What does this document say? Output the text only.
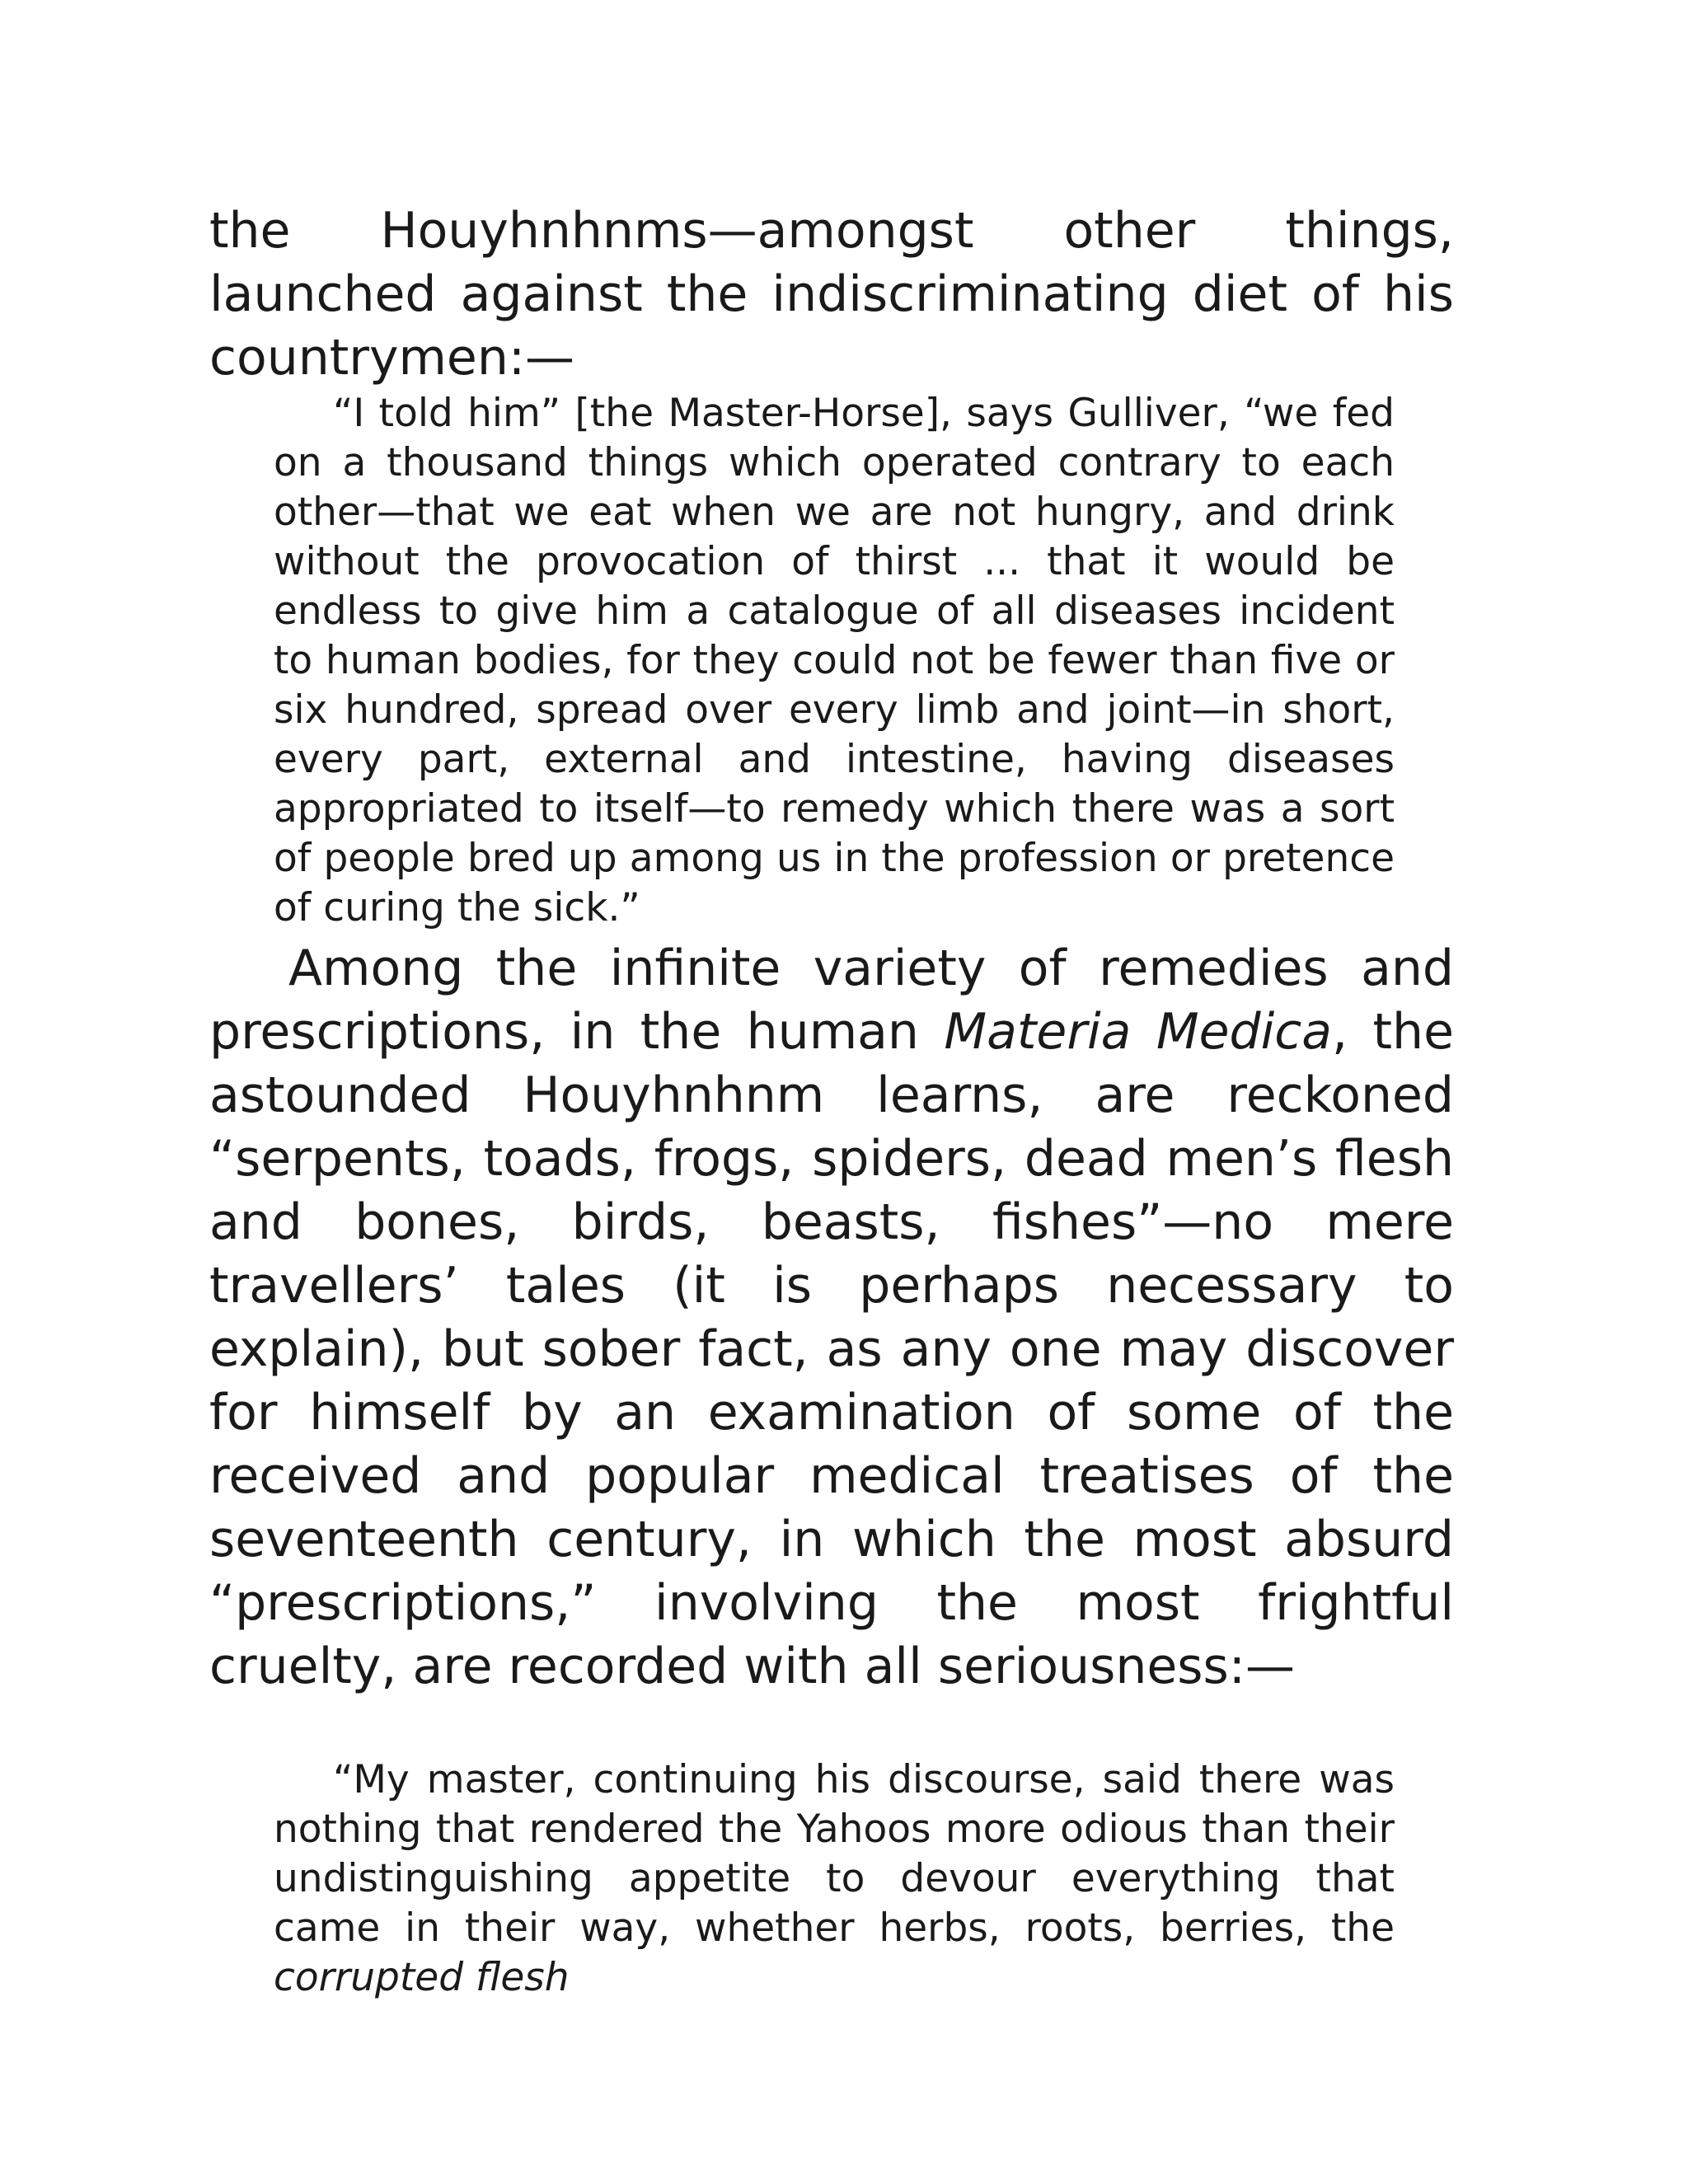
the Houyhnhnms—amongst other things, launched against the indiscriminating diet of his countrymen:—

“I told him” [the Master-Horse], says Gulliver, “we fed on a thousand things which operated contrary to each other—that we eat when we are not hungry, and drink without the provocation of thirst ... that it would be endless to give him a catalogue of all diseases incident to human bodies, for they could not be fewer than five or six hundred, spread over every limb and joint—in short, every part, external and intestine, having diseases appropriated to itself—to remedy which there was a sort of people bred up among us in the profession or pretence of curing the sick.”

Among the infinite variety of remedies and prescriptions, in the human Materia Medica, the astounded Houyhnhnm learns, are reckoned “serpents, toads, frogs, spiders, dead men’s flesh and bones, birds, beasts, fishes”—no mere travellers’ tales (it is perhaps necessary to explain), but sober fact, as any one may discover for himself by an examination of some of the received and popular medical treatises of the seventeenth century, in which the most absurd “prescriptions,” involving the most frightful cruelty, are recorded with all seriousness:—

“My master, continuing his discourse, said there was nothing that rendered the Yahoos more odious than their undistinguishing appetite to devour everything that came in their way, whether herbs, roots, berries, the corrupted flesh
